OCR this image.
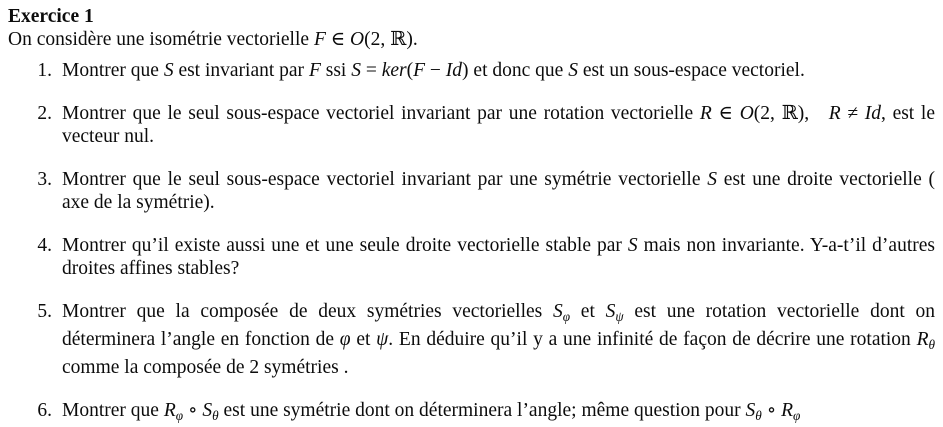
Exercice 1

On considère une isométrie vectorielle F ∈ O(2, ℝ).

1. Montrer que S est invariant par F ssi S = ker(F − Id) et donc que S est un sous-espace vectoriel.
2. Montrer que le seul sous-espace vectoriel invariant par une rotation vectorielle R ∈ O(2, ℝ), R ≠ Id, est le vecteur nul.
3. Montrer que le seul sous-espace vectoriel invariant par une symétrie vectorielle S est une droite vectorielle ( axe de la symétrie).
4. Montrer qu’il existe aussi une et une seule droite vectorielle stable par S mais non invariante. Y-a-t’il d’autres droites affines stables?
5. Montrer que la composée de deux symétries vectorielles $S_\varphi$ et $S_\psi$ est une rotation vectorielle dont on déterminera l’angle en fonction de φ et ψ. En déduire qu’il y a une infinité de façon de décrire une rotation $R_\theta$ comme la composée de 2 symétries .
6. Montrer que $R_\varphi$ ∘ $S_\theta$ est une symétrie dont on déterminera l’angle; même question pour $S_\theta$ ∘ $R_\varphi$
